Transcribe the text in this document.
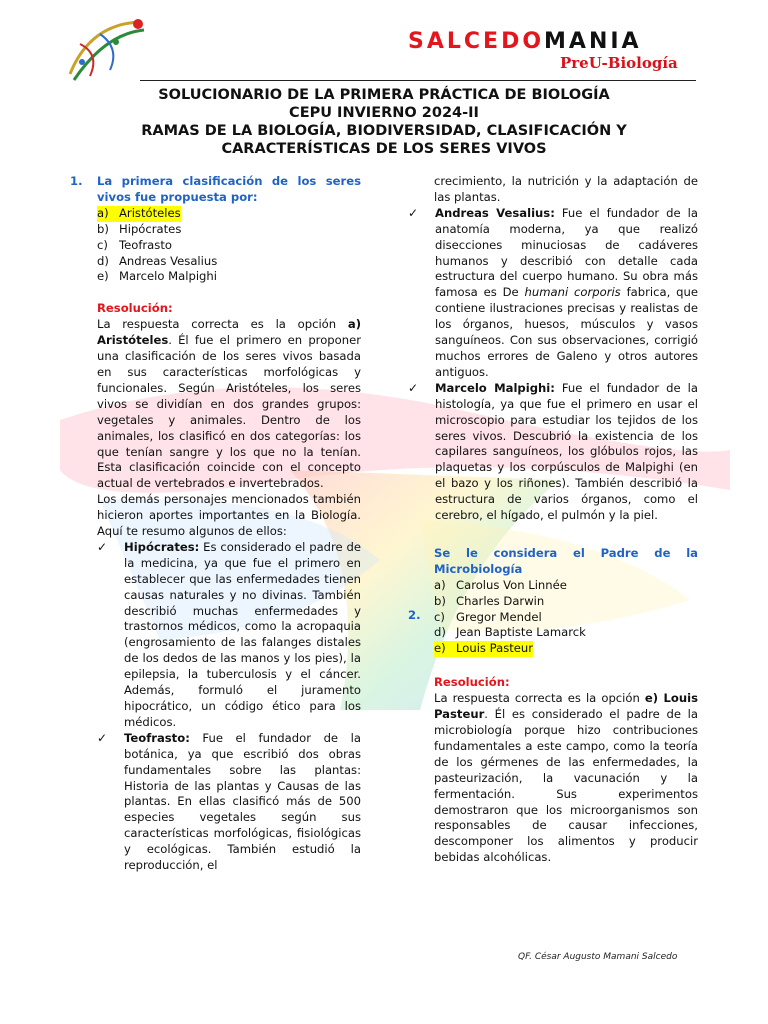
SALCEDOMANIA
PreU-Biología
SOLUCIONARIO DE LA PRIMERA PRÁCTICA DE BIOLOGÍA
CEPU INVIERNO 2024-II
RAMAS DE LA BIOLOGÍA, BIODIVERSIDAD, CLASIFICACIÓN Y
CARACTERÍSTICAS DE LOS SERES VIVOS
1. La primera clasificación de los seres vivos fue propuesta por:

a) Aristóteles
b) Hipócrates
c) Teofrasto
d) Andreas Vesalius
e) Marcelo Malpighi

Resolución:

La respuesta correcta es la opción a) Aristóteles. Él fue el primero en proponer una clasificación de los seres vivos basada en sus características morfológicas y funcionales. Según Aristóteles, los seres vivos se dividían en dos grandes grupos: vegetales y animales. Dentro de los animales, los clasificó en dos categorías: los que tenían sangre y los que no la tenían. Esta clasificación coincide con el concepto actual de vertebrados e invertebrados.

Los demás personajes mencionados también hicieron aportes importantes en la Biología. Aquí te resumo algunos de ellos:

✓	Hipócrates: Es considerado el padre de la medicina, ya que fue el primero en establecer que las enfermedades tienen causas naturales y no divinas. También describió muchas enfermedades y trastornos médicos, como la acropaquia (engrosamiento de las falanges distales de los dedos de las manos y los pies), la epilepsia, la tuberculosis y el cáncer. Además, formuló el juramento hipocrático, un código ético para los médicos.
✓	Teofrasto: Fue el fundador de la botánica, ya que escribió dos obras fundamentales sobre las plantas: Historia de las plantas y Causas de las plantas. En ellas clasificó más de 500 especies vegetales según sus características morfológicas, fisiológicas y ecológicas. También estudió la reproducción, el

crecimiento, la nutrición y la adaptación de las plantas.

✓	Andreas Vesalius: Fue el fundador de la anatomía moderna, ya que realizó disecciones minuciosas de cadáveres humanos y describió con detalle cada estructura del cuerpo humano. Su obra más famosa es De humani corporis fabrica, que contiene ilustraciones precisas y realistas de los órganos, huesos, músculos y vasos sanguíneos. Con sus observaciones, corrigió muchos errores de Galeno y otros autores antiguos.
✓	Marcelo Malpighi: Fue el fundador de la histología, ya que fue el primero en usar el microscopio para estudiar los tejidos de los seres vivos. Descubrió la existencia de los capilares sanguíneos, los glóbulos rojos, las plaquetas y los corpúsculos de Malpighi (en el bazo y los riñones). También describió la estructura de varios órganos, como el cerebro, el hígado, el pulmón y la piel.

Se le considera el Padre de la Microbiología

a) Carolus Von Linnée
b) Charles Darwin
c) Gregor Mendel
d) Jean Baptiste Lamarck
e) Louis Pasteur

Resolución:

La respuesta correcta es la opción e) Louis Pasteur. Él es considerado el padre de la microbiología porque hizo contribuciones fundamentales a este campo, como la teoría de los gérmenes de las enfermedades, la pasteurización, la vacunación y la fermentación. Sus experimentos demostraron que los microorganismos son responsables de causar infecciones, descomponer los alimentos y producir bebidas alcohólicas.

2.
QF. César Augusto Mamani Salcedo
